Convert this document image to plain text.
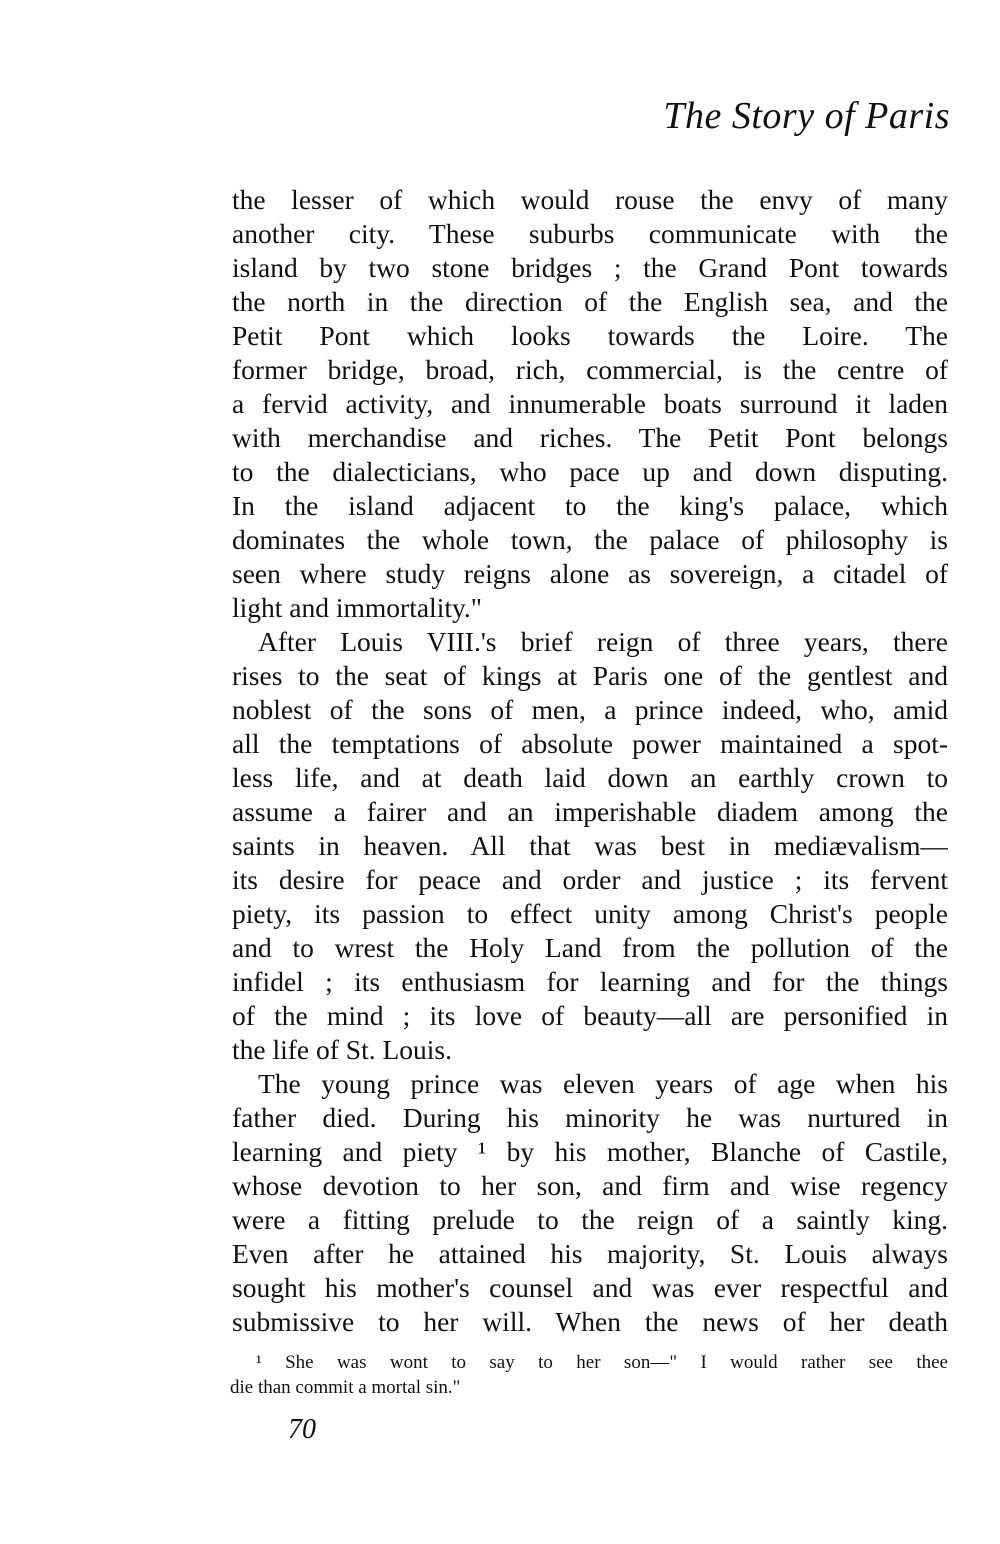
The Story of Paris
the lesser of which would rouse the envy of many
another city. These suburbs communicate with the
island by two stone bridges ; the Grand Pont towards
the north in the direction of the English sea, and the
Petit Pont which looks towards the Loire. The
former bridge, broad, rich, commercial, is the centre of
a fervid activity, and innumerable boats surround it laden
with merchandise and riches. The Petit Pont belongs
to the dialecticians, who pace up and down disputing.
In the island adjacent to the king's palace, which
dominates the whole town, the palace of philosophy is
seen where study reigns alone as sovereign, a citadel of
light and immortality."
After Louis VIII.'s brief reign of three years, there
rises to the seat of kings at Paris one of the gentlest and
noblest of the sons of men, a prince indeed, who, amid
all the temptations of absolute power maintained a spot-
less life, and at death laid down an earthly crown to
assume a fairer and an imperishable diadem among the
saints in heaven. All that was best in mediævalism—
its desire for peace and order and justice ; its fervent
piety, its passion to effect unity among Christ's people
and to wrest the Holy Land from the pollution of the
infidel ; its enthusiasm for learning and for the things
of the mind ; its love of beauty—all are personified in
the life of St. Louis.
The young prince was eleven years of age when his
father died. During his minority he was nurtured in
learning and piety ¹ by his mother, Blanche of Castile,
whose devotion to her son, and firm and wise regency
were a fitting prelude to the reign of a saintly king.
Even after he attained his majority, St. Louis always
sought his mother's counsel and was ever respectful and
submissive to her will. When the news of her death
¹ She was wont to say to her son—" I would rather see thee
die than commit a mortal sin."
70
